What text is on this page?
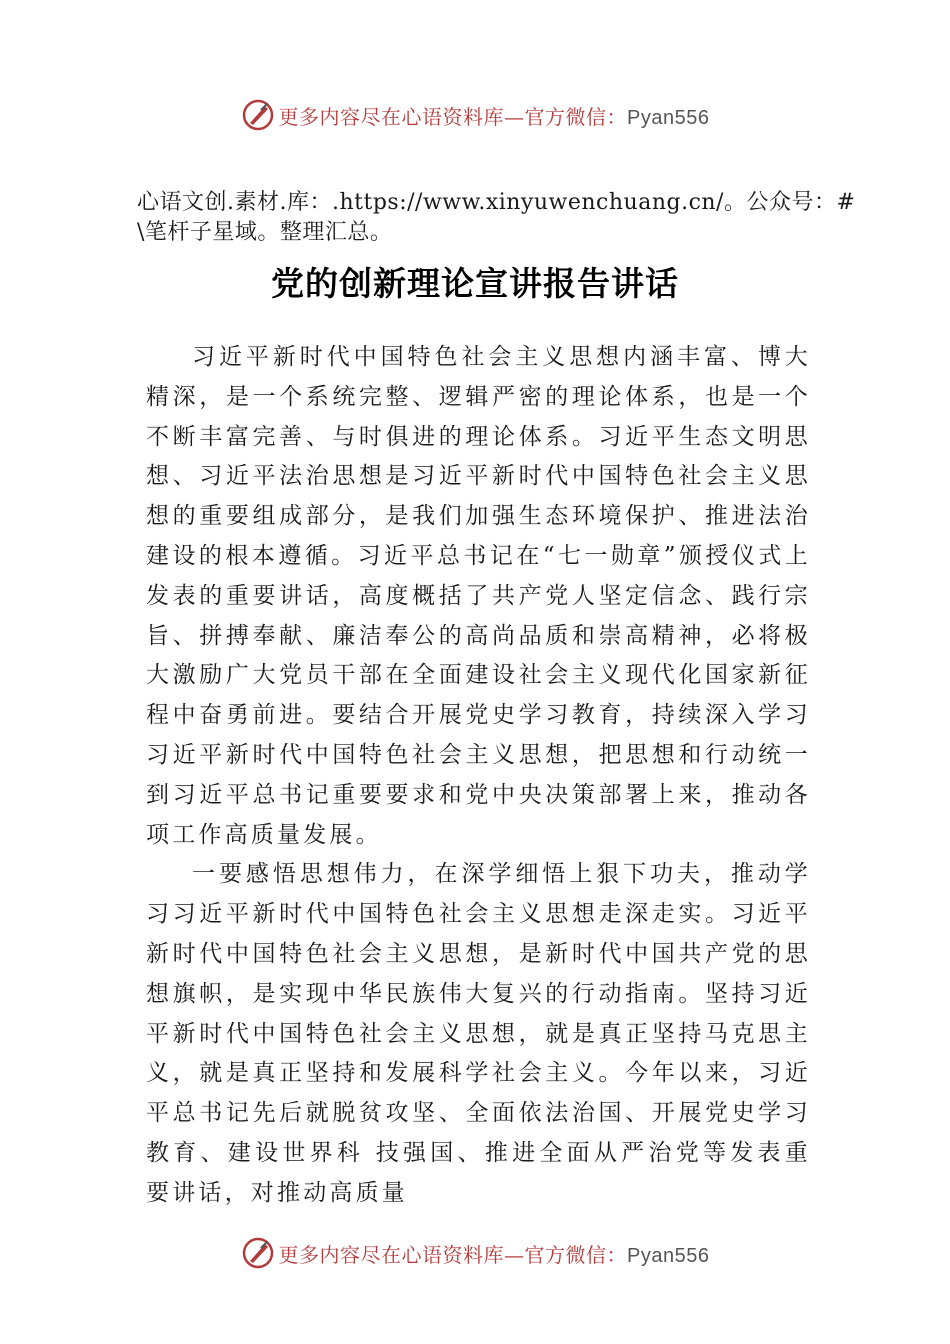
更多内容尽在心语资料库—官方微信：Pyan556
心语文创.素材.库：.https://www.xinyuwenchuang.cn/。公众号：#\笔杆子星域。整理汇总。
党的创新理论宣讲报告讲话

习近平新时代中国特色社会主义思想内涵丰富、博大精深，是一个系统完整、逻辑严密的理论体系，也是一个不断丰富完善、与时俱进的理论体系。习近平生态文明思想、习近平法治思想是习近平新时代中国特色社会主义思想的重要组成部分，是我们加强生态环境保护、推进法治建设的根本遵循。习近平总书记在“七一勋章”颁授仪式上发表的重要讲话，高度概括了共产党人坚定信念、践行宗旨、拼搏奉献、廉洁奉公的高尚品质和崇高精神，必将极大激励广大党员干部在全面建设社会主义现代化国家新征程中奋勇前进。要结合开展党史学习教育，持续深入学习习近平新时代中国特色社会主义思想，把思想和行动统一到习近平总书记重要要求和党中央决策部署上来，推动各项工作高质量发展。

一要感悟思想伟力，在深学细悟上狠下功夫，推动学习习近平新时代中国特色社会主义思想走深走实。习近平新时代中国特色社会主义思想，是新时代中国共产党的思想旗帜，是实现中华民族伟大复兴的行动指南。坚持习近平新时代中国特色社会主义思想，就是真正坚持马克思主义，就是真正坚持和发展科学社会主义。今年以来，习近平总书记先后就脱贫攻坚、全面依法治国、开展党史学习教育、建设世界科 技强国、推进全面从严治党等发表重要讲话，对推动高质量

更多内容尽在心语资料库—官方微信：Pyan556
